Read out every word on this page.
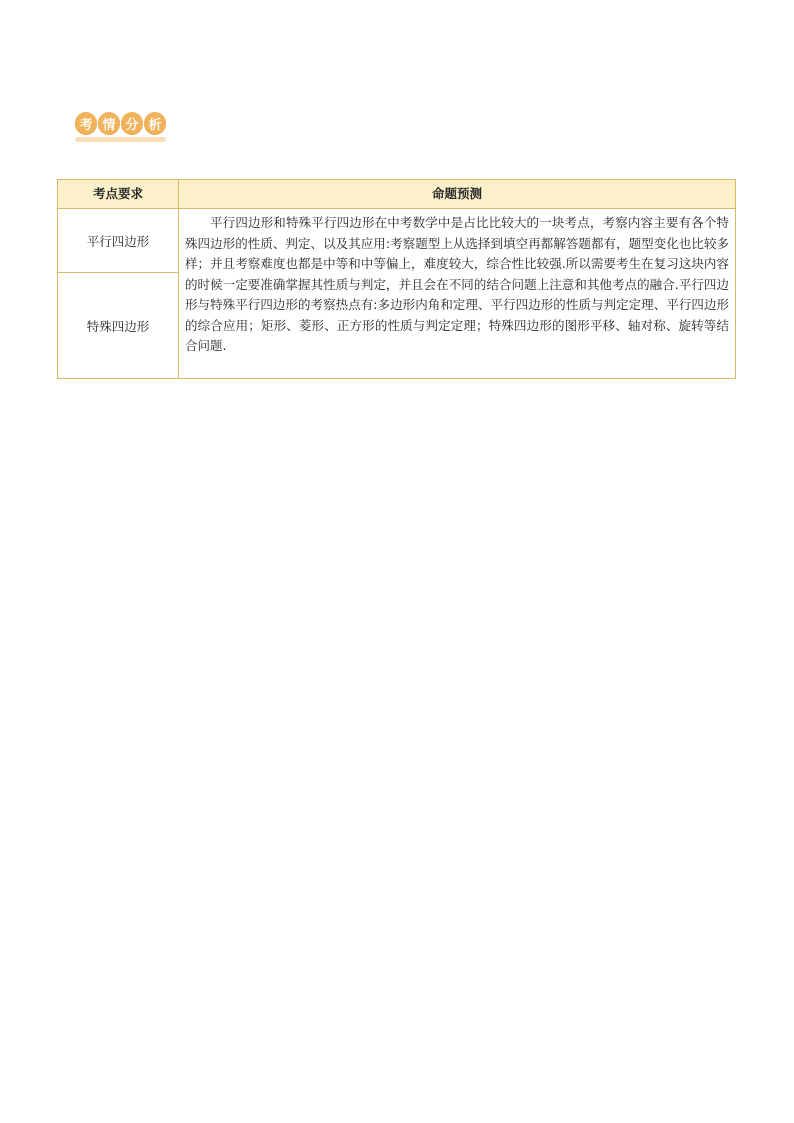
考 情 分 析
考点要求	命题预测
平行四边形
特殊四边形
平行四边形和特殊平行四边形在中考数学中是占比比较大的一块考点，考察内容主要有各个特殊四边形的性质、判定、以及其应用:考察题型上从选择到填空再都解答题都有，题型变化也比较多样；并且考察难度也都是中等和中等偏上，难度较大，综合性比较强.所以需要考生在复习这块内容的时候一定要准确掌握其性质与判定，并且会在不同的结合问题上注意和其他考点的融合.平行四边形与特殊平行四边形的考察热点有:多边形内角和定理、平行四边形的性质与判定定理、平行四边形的综合应用；矩形、菱形、正方形的性质与判定定理；特殊四边形的图形平移、轴对称、旋转等结合问题.
